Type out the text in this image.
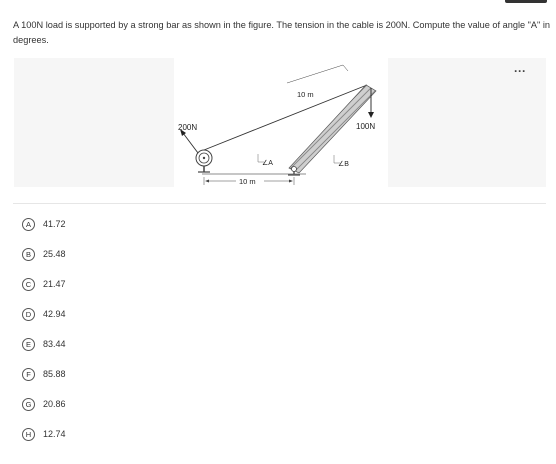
A 100N load is supported by a strong bar as shown in the figure. The tension in the cable is 200N. Compute the value of angle "A" in degrees.
···
200N
10 m
100N
∠A	∠B
10 m
A	41.72
B	25.48
C	21.47
D	42.94
E	83.44
F	85.88
G	20.86
H	12.74
